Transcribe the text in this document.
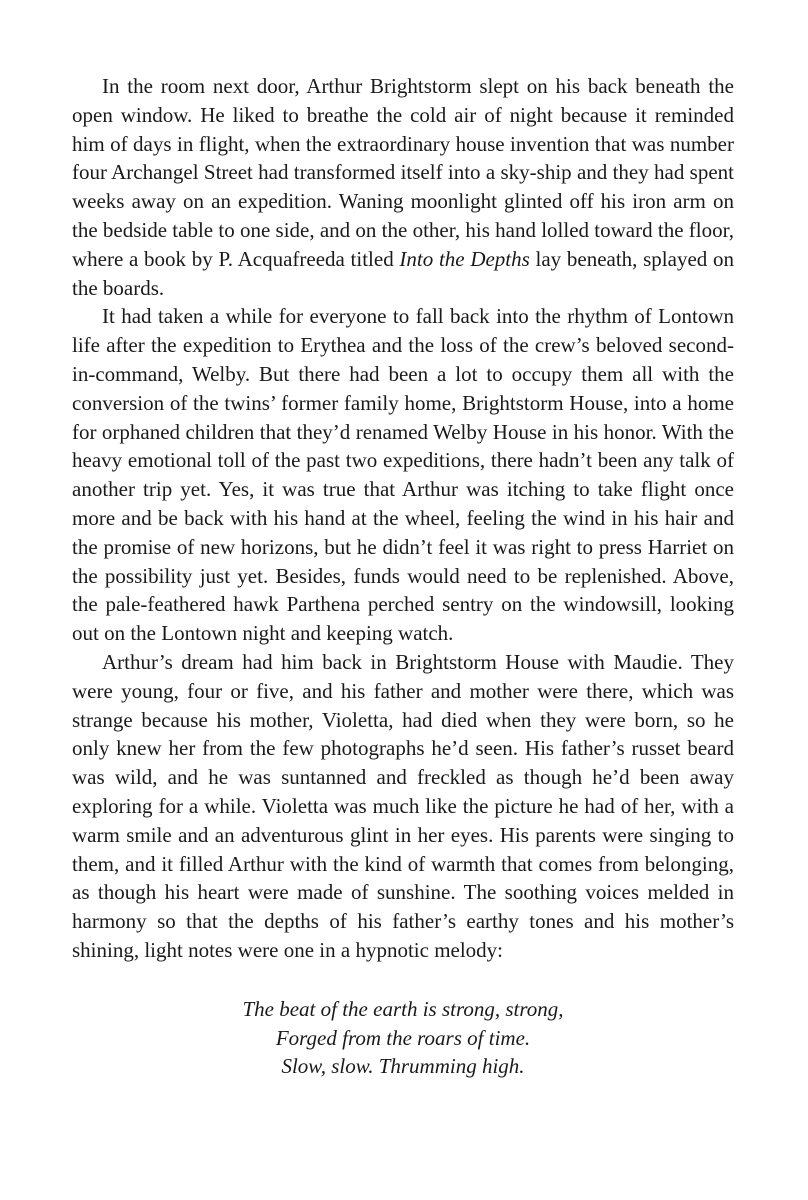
In the room next door, Arthur Brightstorm slept on his back beneath the open window. He liked to breathe the cold air of night because it reminded him of days in flight, when the extraordinary house invention that was number four Archangel Street had transformed itself into a sky-ship and they had spent weeks away on an expedition. Waning moonlight glinted off his iron arm on the bedside table to one side, and on the other, his hand lolled toward the floor, where a book by P. Acquafreeda titled Into the Depths lay beneath, splayed on the boards.

It had taken a while for everyone to fall back into the rhythm of Lontown life after the expedition to Erythea and the loss of the crew’s beloved second-in-command, Welby. But there had been a lot to occupy them all with the conversion of the twins’ former family home, Brightstorm House, into a home for orphaned children that they’d renamed Welby House in his honor. With the heavy emotional toll of the past two expeditions, there hadn’t been any talk of another trip yet. Yes, it was true that Arthur was itching to take flight once more and be back with his hand at the wheel, feeling the wind in his hair and the promise of new horizons, but he didn’t feel it was right to press Harriet on the possibility just yet. Besides, funds would need to be replenished. Above, the pale-feathered hawk Parthena perched sentry on the windowsill, looking out on the Lontown night and keeping watch.

Arthur’s dream had him back in Brightstorm House with Maudie. They were young, four or five, and his father and mother were there, which was strange because his mother, Violetta, had died when they were born, so he only knew her from the few photographs he’d seen. His father’s russet beard was wild, and he was suntanned and freckled as though he’d been away exploring for a while. Violetta was much like the picture he had of her, with a warm smile and an adventurous glint in her eyes. His parents were singing to them, and it filled Arthur with the kind of warmth that comes from belonging, as though his heart were made of sunshine. The soothing voices melded in harmony so that the depths of his father’s earthy tones and his mother’s shining, light notes were one in a hypnotic melody:

The beat of the earth is strong, strong,
Forged from the roars of time.
Slow, slow. Thrumming high.
